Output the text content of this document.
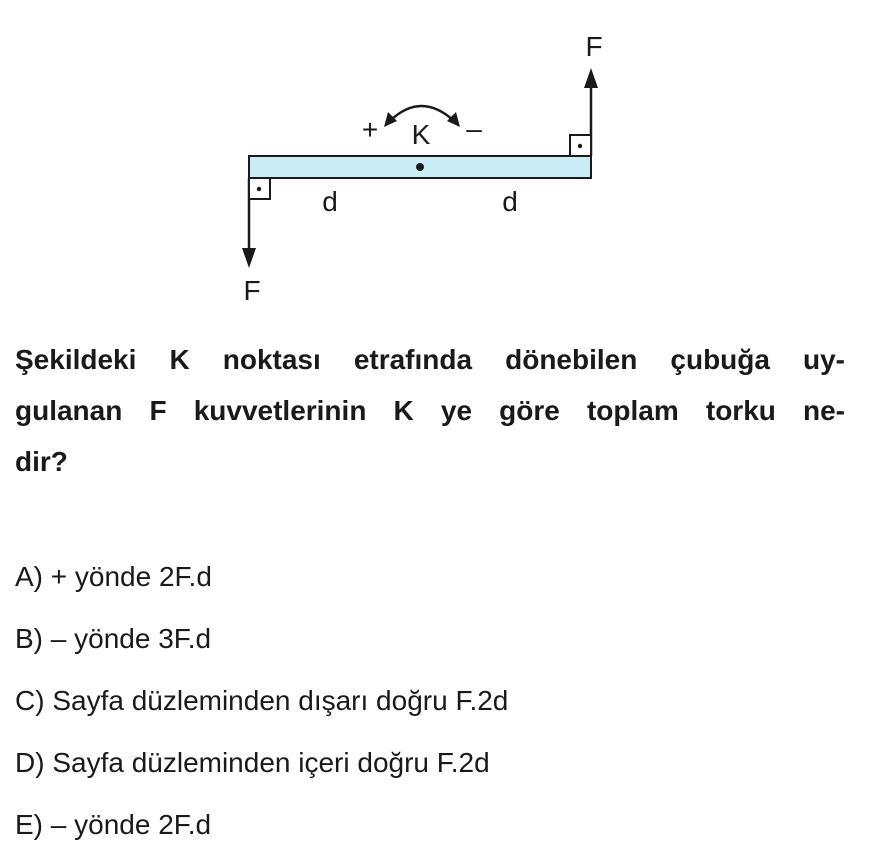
F
F
K
+	–
d	d

Şekildeki K noktası etrafında dönebilen çubuğa uy-
gulanan F kuvvetlerinin K ye göre toplam torku ne-
dir?

A) + yönde 2F.d
B) – yönde 3F.d
C) Sayfa düzleminden dışarı doğru F.2d
D) Sayfa düzleminden içeri doğru F.2d
E) – yönde 2F.d
